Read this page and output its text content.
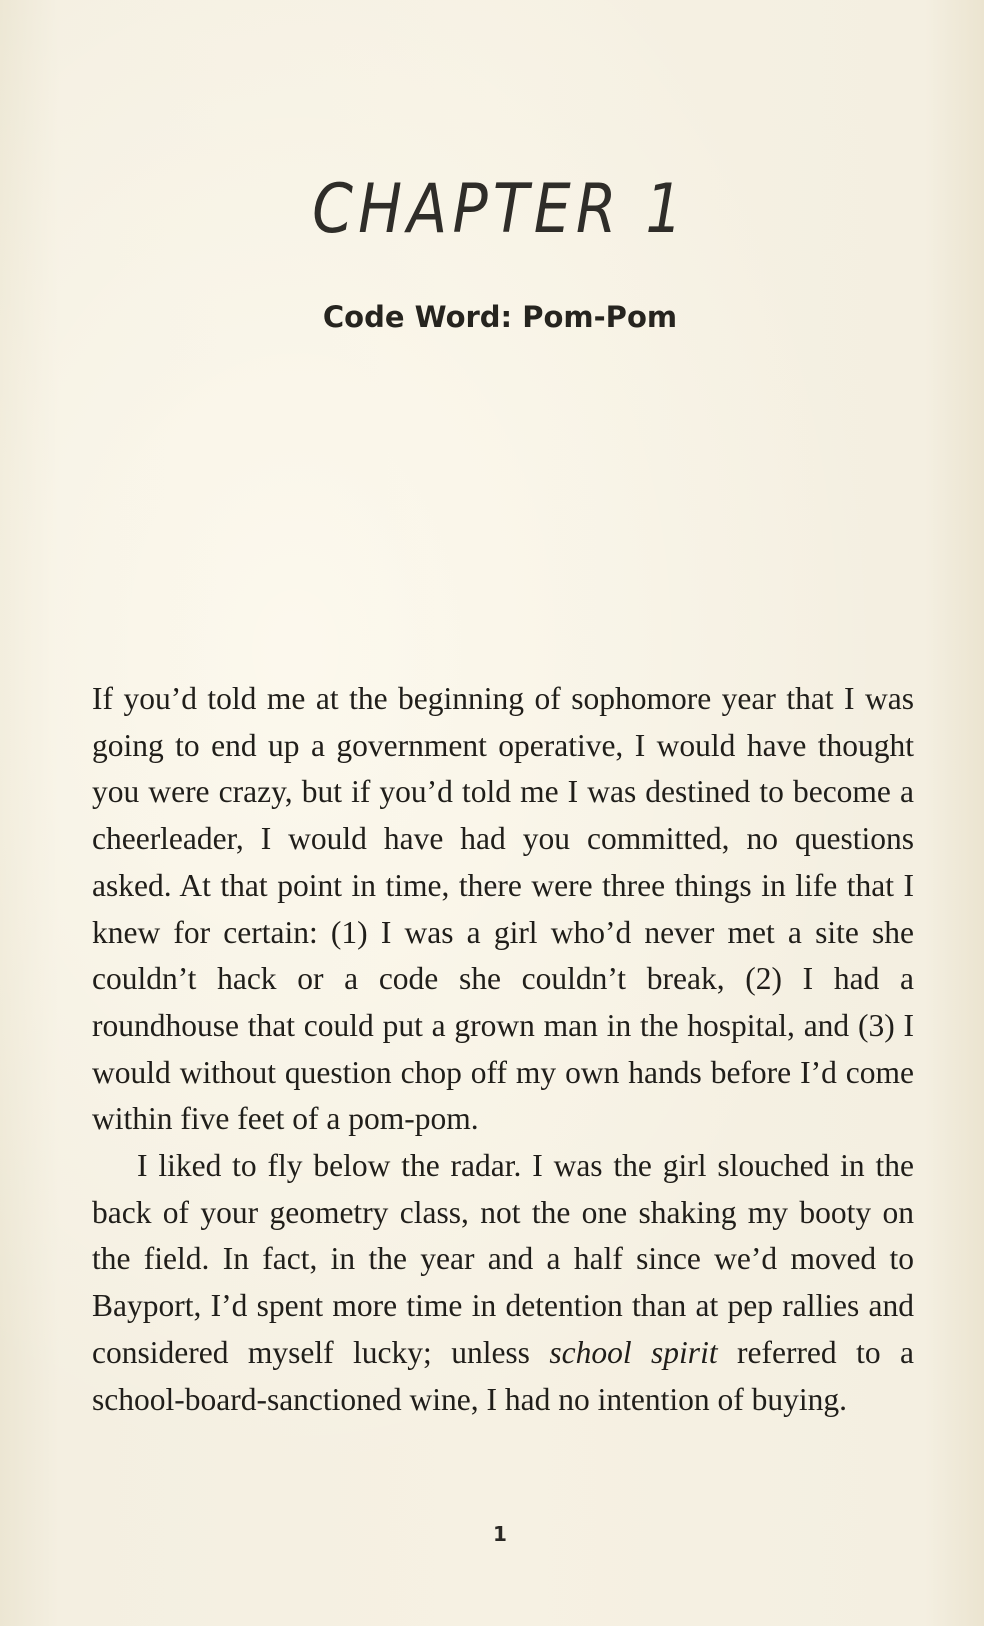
CHAPTER 1
Code Word: Pom-Pom

If you’d told me at the beginning of sophomore year that I was going to end up a government operative, I would have thought you were crazy, but if you’d told me I was destined to become a cheerleader, I would have had you committed, no questions asked. At that point in time, there were three things in life that I knew for certain: (1) I was a girl who’d never met a site she couldn’t hack or a code she couldn’t break, (2) I had a roundhouse that could put a grown man in the hospital, and (3) I would without question chop off my own hands before I’d come within five feet of a pom-pom.

I liked to fly below the radar. I was the girl slouched in the back of your geometry class, not the one shaking my booty on the field. In fact, in the year and a half since we’d moved to Bayport, I’d spent more time in detention than at pep rallies and considered myself lucky; unless school spirit referred to a school-board-sanctioned wine, I had no intention of buying.

1
